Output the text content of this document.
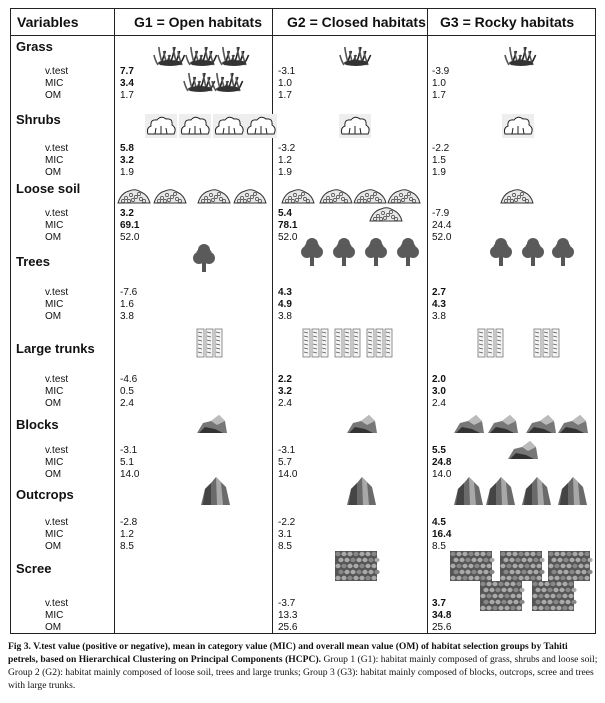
Variables	G1 = Open habitats G2 = Closed habitats G3 = Rocky habitats
Grass
v.test
MIC
OM
7.7
3.4
1.7
-3.1
1.0
1.7
-3.9
1.0
1.7
Shrubs
v.test
MIC
OM
5.8
3.2
1.9
-3.2
1.2
1.9
-2.2
1.5
1.9
Loose soil
v.test
MIC
OM
3.2
69.1
52.0
5.4
78.1
52.0
-7.9
24.4
52.0
Trees
v.test
MIC
OM
-7.6
1.6
3.8
4.3
4.9
3.8
2.7
4.3
3.8
Large trunks
v.test
MIC
OM
-4.6
0.5
2.4
2.2
3.2
2.4
2.0
3.0
2.4
Blocks
v.test
MIC
OM
-3.1
5.1
14.0
-3.1
5.7
14.0
5.5
24.8
14.0
Outcrops
v.test
MIC
OM
-2.8
1.2
8.5
-2.2
3.1
8.5
4.5
16.4
8.5
Scree
v.test
MIC
OM
-3.7
13.3
25.6
3.7
34.8
25.6
Fig 3. V.test value (positive or negative), mean in category value (MIC) and overall mean value (OM) of habitat selection groups by Tahiti petrels, based on Hierarchical Clustering on Principal Components (HCPC). Group 1 (G1): habitat mainly composed of grass, shrubs and loose soil; Group 2 (G2): habitat mainly composed of loose soil, trees and large trunks; Group 3 (G3): habitat mainly composed of blocks, outcrops, scree and trees with large trunks.
